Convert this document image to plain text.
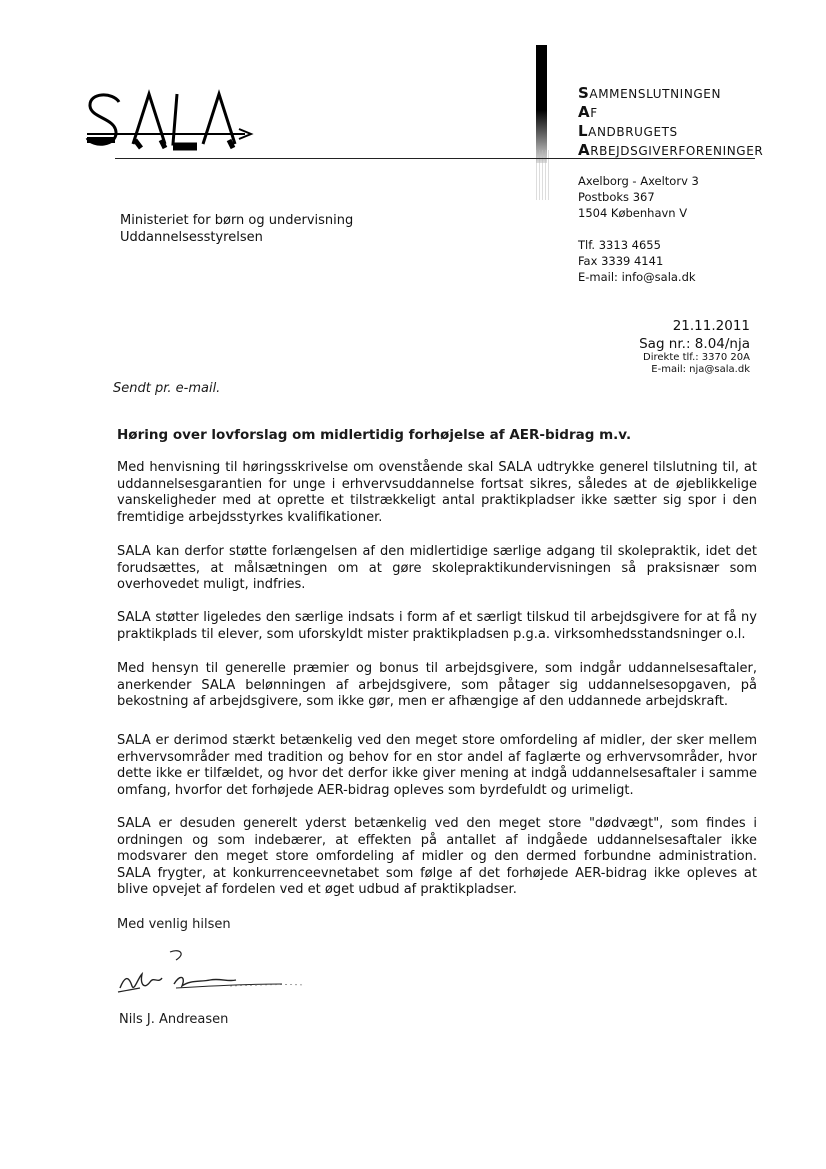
SAMMENSLUTNINGEN
AF
LANDBRUGETS
ARBEJDSGIVERFORENINGER
Axelborg - Axeltorv 3
Postboks 367
1504 København V
Tlf. 3313 4655
Fax 3339 4141
E-mail: info@sala.dk
Ministeriet for børn og undervisning
Uddannelsesstyrelsen
21.11.2011
Sag nr.: 8.04/nja
Direkte tlf.: 3370 20A
E-mail: nja@sala.dk
Sendt pr. e-mail.
Høring over lovforslag om midlertidig forhøjelse af AER-bidrag m.v.
Med henvisning til høringsskrivelse om ovenstående skal SALA udtrykke generel tilslutning til, at uddannelsesgarantien for unge i erhvervsuddannelse fortsat sikres, således at de øjeblikkelige vanskeligheder med at oprette et tilstrækkeligt antal praktikpladser ikke sætter sig spor i den fremtidige arbejdsstyrkes kvalifikationer.
SALA kan derfor støtte forlængelsen af den midlertidige særlige adgang til skolepraktik, idet det forudsættes, at målsætningen om at gøre skolepraktikundervisningen så praksisnær som overhovedet muligt, indfries.
SALA støtter ligeledes den særlige indsats i form af et særligt tilskud til arbejdsgivere for at få ny praktikplads til elever, som uforskyldt mister praktikpladsen p.g.a. virksomhedsstandsninger o.l.
Med hensyn til generelle præmier og bonus til arbejdsgivere, som indgår uddannelsesaftaler, anerkender SALA belønningen af arbejdsgivere, som påtager sig uddannelsesopgaven, på bekostning af arbejdsgivere, som ikke gør, men er afhængige af den uddannede arbejdskraft.
SALA er derimod stærkt betænkelig ved den meget store omfordeling af midler, der sker mellem erhvervsområder med tradition og behov for en stor andel af faglærte og erhvervsområder, hvor dette ikke er tilfældet, og hvor det derfor ikke giver mening at indgå uddannelsesaftaler i samme omfang, hvorfor det forhøjede AER-bidrag opleves som byrdefuldt og urimeligt.
SALA er desuden generelt yderst betænkelig ved den meget store "dødvægt", som findes i ordningen og som indebærer, at effekten på antallet af indgåede uddannelsesaftaler ikke modsvarer den meget store omfordeling af midler og den dermed forbundne administration. SALA frygter, at konkurrenceevnetabet som følge af det forhøjede AER-bidrag ikke opleves at blive opvejet af fordelen ved et øget udbud af praktikpladser.
Med venlig hilsen
Nils J. Andreasen
